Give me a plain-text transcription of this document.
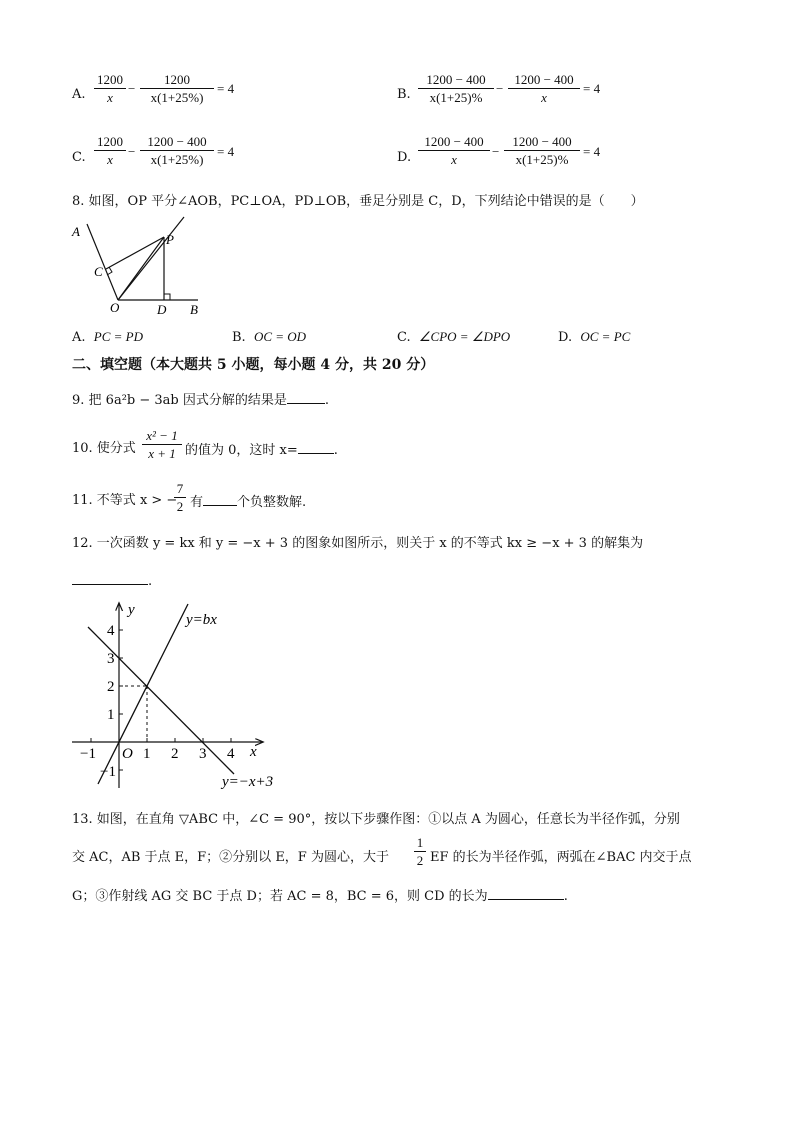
A.
1200
x
−
1200
x(1+25%)
= 4	B.
1200 − 400
x(1+25)%
−
1200 − 400
x
= 4
C.
1200
x
−
1200 − 400
x(1+25%)
= 4	D.
1200 − 400
x
−
1200 − 400
x(1+25)%
= 4
8. 如图，OP 平分∠AOB，PC⊥OA，PD⊥OB，垂足分别是 C，D，下列结论中错误的是（　　）
A
P
C
O	D B
A. PC = PD	B. OC = OD	C. ∠CPO = ∠DPO	D. OC = PC
二、填空题（本大题共 5 小题，每小题 4 分，共 20 分）
9. 把 6a²b − 3ab 因式分解的结果是	.
10. 使分式
x² − 1
x + 1 的值为 0，这时 x=	.
11. 不等式 x > −
7
2 有	个负整数解.
12. 一次函数 y = kx 和 y = −x + 3 的图象如图所示，则关于 x 的不等式 kx ≥ −x + 3 的解集为
.
y
x
O
4
3
2
1
−1
−1	1 2 3 4
y=bx
y=−x+3
13. 如图，在直角 ▽ABC 中，∠C = 90°，按以下步骤作图：①以点 A 为圆心，任意长为半径作弧，分别
交 AC，AB 于点 E，F；②分别以 E，F 为圆心，大于
1
2 EF 的长为半径作弧，两弧在∠BAC 内交于点
G；③作射线 AG 交 BC 于点 D；若 AC = 8，BC = 6，则 CD 的长为	.
